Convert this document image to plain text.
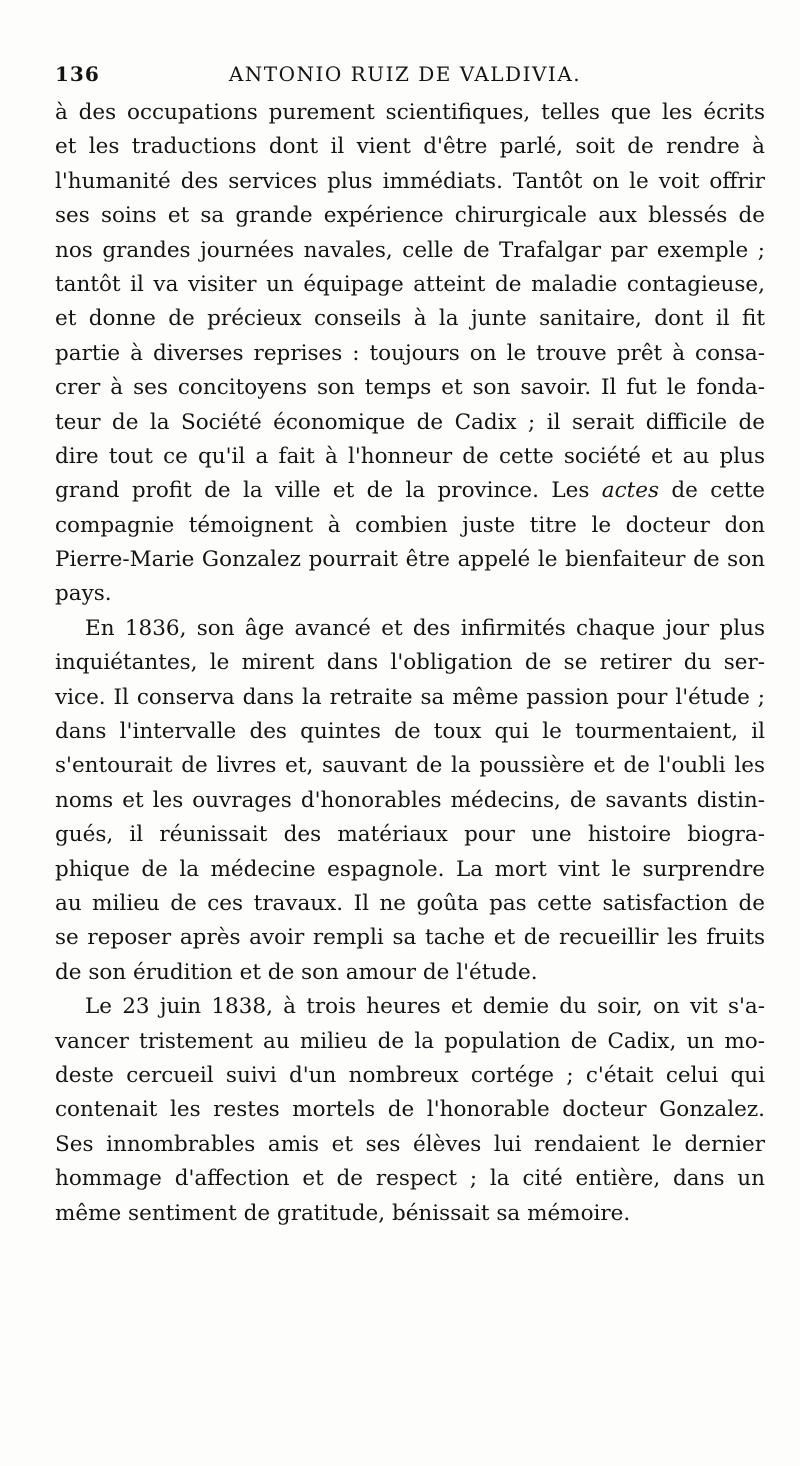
136	ANTONIO RUIZ DE VALDIVIA.
à des occupations purement scientifiques, telles que les écrits
et les traductions dont il vient d'être parlé, soit de rendre à
l'humanité des services plus immédiats. Tantôt on le voit offrir
ses soins et sa grande expérience chirurgicale aux blessés de
nos grandes journées navales, celle de Trafalgar par exemple ;
tantôt il va visiter un équipage atteint de maladie contagieuse,
et donne de précieux conseils à la junte sanitaire, dont il fit
partie à diverses reprises : toujours on le trouve prêt à consa-
crer à ses concitoyens son temps et son savoir. Il fut le fonda-
teur de la Société économique de Cadix ; il serait difficile de
dire tout ce qu'il a fait à l'honneur de cette société et au plus
grand profit de la ville et de la province. Les actes de cette
compagnie témoignent à combien juste titre le docteur don
Pierre-Marie Gonzalez pourrait être appelé le bienfaiteur de son
pays.
En 1836, son âge avancé et des infirmités chaque jour plus
inquiétantes, le mirent dans l'obligation de se retirer du ser-
vice. Il conserva dans la retraite sa même passion pour l'étude ;
dans l'intervalle des quintes de toux qui le tourmentaient, il
s'entourait de livres et, sauvant de la poussière et de l'oubli les
noms et les ouvrages d'honorables médecins, de savants distin-
gués, il réunissait des matériaux pour une histoire biogra-
phique de la médecine espagnole. La mort vint le surprendre
au milieu de ces travaux. Il ne goûta pas cette satisfaction de
se reposer après avoir rempli sa tache et de recueillir les fruits
de son érudition et de son amour de l'étude.
Le 23 juin 1838, à trois heures et demie du soir, on vit s'a-
vancer tristement au milieu de la population de Cadix, un mo-
deste cercueil suivi d'un nombreux cortége ; c'était celui qui
contenait les restes mortels de l'honorable docteur Gonzalez.
Ses innombrables amis et ses élèves lui rendaient le dernier
hommage d'affection et de respect ; la cité entière, dans un
même sentiment de gratitude, bénissait sa mémoire.
